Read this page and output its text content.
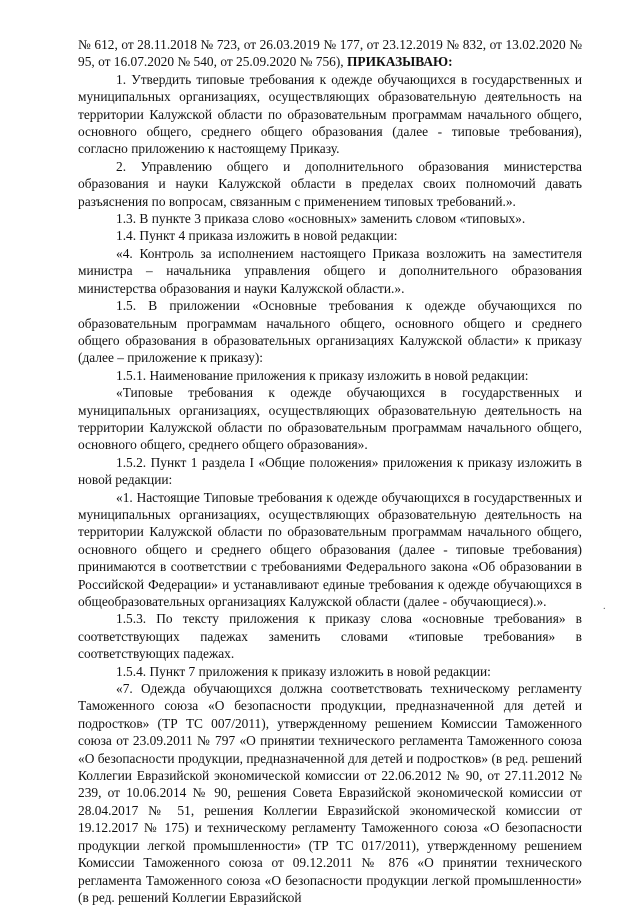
№ 612, от 28.11.2018 № 723, от 26.03.2019 № 177, от 23.12.2019 № 832, от 13.02.2020 № 95, от 16.07.2020 № 540, от 25.09.2020 № 756), ПРИКАЗЫВАЮ:

1. Утвердить типовые требования к одежде обучающихся в государственных и муниципальных организациях, осуществляющих образовательную деятельность на территории Калужской области по образовательным программам начального общего, основного общего, среднего общего образования (далее - типовые требования), согласно приложению к настоящему Приказу.

2. Управлению общего и дополнительного образования министерства образования и науки Калужской области в пределах своих полномочий давать разъяснения по вопросам, связанным с применением типовых требований.».

1.3. В пункте 3 приказа слово «основных» заменить словом «типовых».

1.4. Пункт 4 приказа изложить в новой редакции:

«4. Контроль за исполнением настоящего Приказа возложить на заместителя министра – начальника управления общего и дополнительного образования министерства образования и науки Калужской области.».

1.5. В приложении «Основные требования к одежде обучающихся по образовательным программам начального общего, основного общего и среднего общего образования в образовательных организациях Калужской области» к приказу (далее – приложение к приказу):

1.5.1. Наименование приложения к приказу изложить в новой редакции:

«Типовые требования к одежде обучающихся в государственных и муниципальных организациях, осуществляющих образовательную деятельность на территории Калужской области по образовательным программам начального общего, основного общего, среднего общего образования».

1.5.2. Пункт 1 раздела I «Общие положения» приложения к приказу изложить в новой редакции:

«1. Настоящие Типовые требования к одежде обучающихся в государственных и муниципальных организациях, осуществляющих образовательную деятельность на территории Калужской области по образовательным программам начального общего, основного общего и среднего общего образования (далее - типовые требования) принимаются в соответствии с требованиями Федерального закона «Об образовании в Российской Федерации» и устанавливают единые требования к одежде обучающихся в общеобразовательных организациях Калужской области (далее - обучающиеся).».

1.5.3. По тексту приложения к приказу слова «основные требования» в соответствующих падежах заменить словами «типовые требования» в соответствующих падежах.

1.5.4. Пункт 7 приложения к приказу изложить в новой редакции:

«7. Одежда обучающихся должна соответствовать техническому регламенту Таможенного союза «О безопасности продукции, предназначенной для детей и подростков» (ТР ТС 007/2011), утвержденному решением Комиссии Таможенного союза от 23.09.2011 № 797 «О принятии технического регламента Таможенного союза «О безопасности продукции, предназначенной для детей и подростков» (в ред. решений Коллегии Евразийской экономической комиссии от 22.06.2012 № 90, от 27.11.2012 № 239, от 10.06.2014 № 90, решения Совета Евразийской экономической комиссии от 28.04.2017 № 51, решения Коллегии Евразийской экономической комиссии от 19.12.2017 № 175) и техническому регламенту Таможенного союза «О безопасности продукции легкой промышленности» (ТР ТС 017/2011), утвержденному решением Комиссии Таможенного союза от 09.12.2011 № 876 «О принятии технического регламента Таможенного союза «О безопасности продукции легкой промышленности» (в ред. решений Коллегии Евразийской

·
